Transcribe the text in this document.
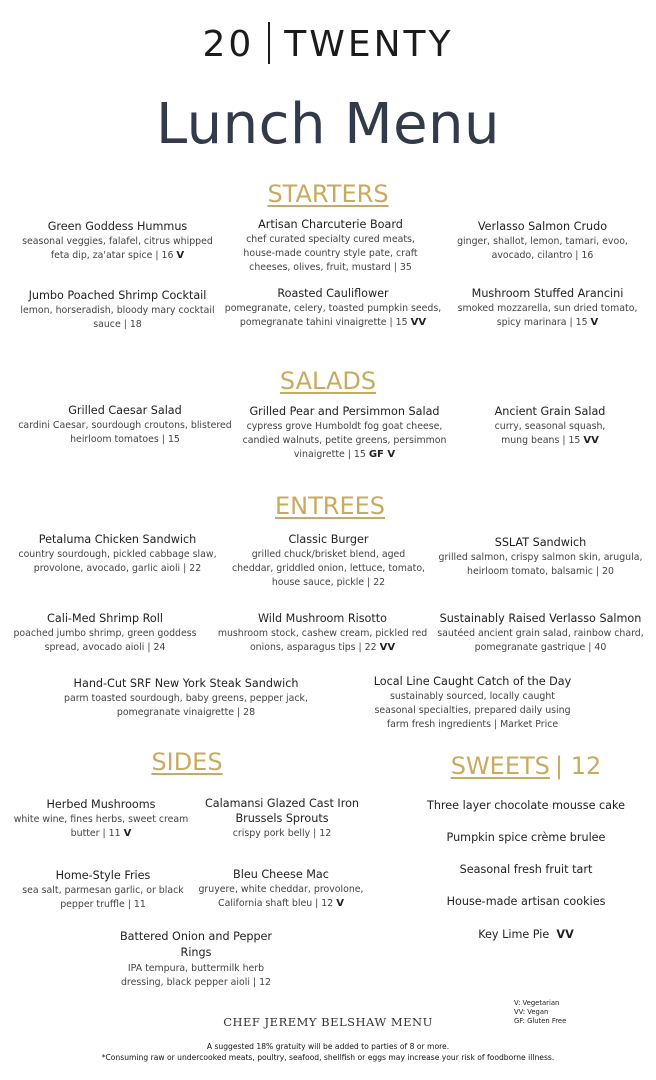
20 TWENTY
Lunch Menu
STARTERS
SALADS
ENTREES
SIDES	SWEETS | 12
Green Goddess Hummus
seasonal veggies, falafel, citrus whipped
feta dip, za'atar spice | 16 V
Artisan Charcuterie Board
chef curated specialty cured meats,
house-made country style pate, craft
cheeses, olives, fruit, mustard | 35
Verlasso Salmon Crudo
ginger, shallot, lemon, tamari, evoo,
avocado, cilantro | 16
Jumbo Poached Shrimp Cocktail
lemon, horseradish, bloody mary cocktail
sauce | 18
Roasted Cauliflower
pomegranate, celery, toasted pumpkin seeds,
pomegranate tahini vinaigrette | 15 VV
Mushroom Stuffed Arancini
smoked mozzarella, sun dried tomato,
spicy marinara | 15 V
Grilled Caesar Salad
cardini Caesar, sourdough croutons, blistered
heirloom tomatoes | 15
Grilled Pear and Persimmon Salad
cypress grove Humboldt fog goat cheese,
candied walnuts, petite greens, persimmon
vinaigrette | 15 GF V
Ancient Grain Salad
curry, seasonal squash,
mung beans | 15 VV
Petaluma Chicken Sandwich
country sourdough, pickled cabbage slaw,
provolone, avocado, garlic aioli | 22
Classic Burger
grilled chuck/brisket blend, aged
cheddar, griddled onion, lettuce, tomato,
house sauce, pickle | 22
SSLAT Sandwich
grilled salmon, crispy salmon skin, arugula,
heirloom tomato, balsamic | 20
Cali-Med Shrimp Roll
poached jumbo shrimp, green goddess
spread, avocado aioli | 24
Wild Mushroom Risotto
mushroom stock, cashew cream, pickled red
onions, asparagus tips | 22 VV
Sustainably Raised Verlasso Salmon
sautéed ancient grain salad, rainbow chard,
pomegranate gastrique | 40
Hand-Cut SRF New York Steak Sandwich
parm toasted sourdough, baby greens, pepper jack,
pomegranate vinaigrette | 28
Local Line Caught Catch of the Day
sustainably sourced, locally caught
seasonal specialties, prepared daily using
farm fresh ingredients | Market Price
Herbed Mushrooms
white wine, fines herbs, sweet cream
butter | 11 V
Calamansi Glazed Cast Iron
Brussels Sprouts
crispy pork belly | 12
Home-Style Fries
sea salt, parmesan garlic, or black
pepper truffle | 11
Bleu Cheese Mac
gruyere, white cheddar, provolone,
California shaft bleu | 12 V
Battered Onion and Pepper
Rings
IPA tempura, buttermilk herb
dressing, black pepper aioli | 12
Three layer chocolate mousse cake
Pumpkin spice crème brulee
Seasonal fresh fruit tart
House-made artisan cookies
Key Lime Pie VV
V: Vegetarian
VV: Vegan
GF: Gluten Free
CHEF JEREMY BELSHAW MENU
A suggested 18% gratuity will be added to parties of 8 or more.
*Consuming raw or undercooked meats, poultry, seafood, shellfish or eggs may increase your risk of foodborne illness.
